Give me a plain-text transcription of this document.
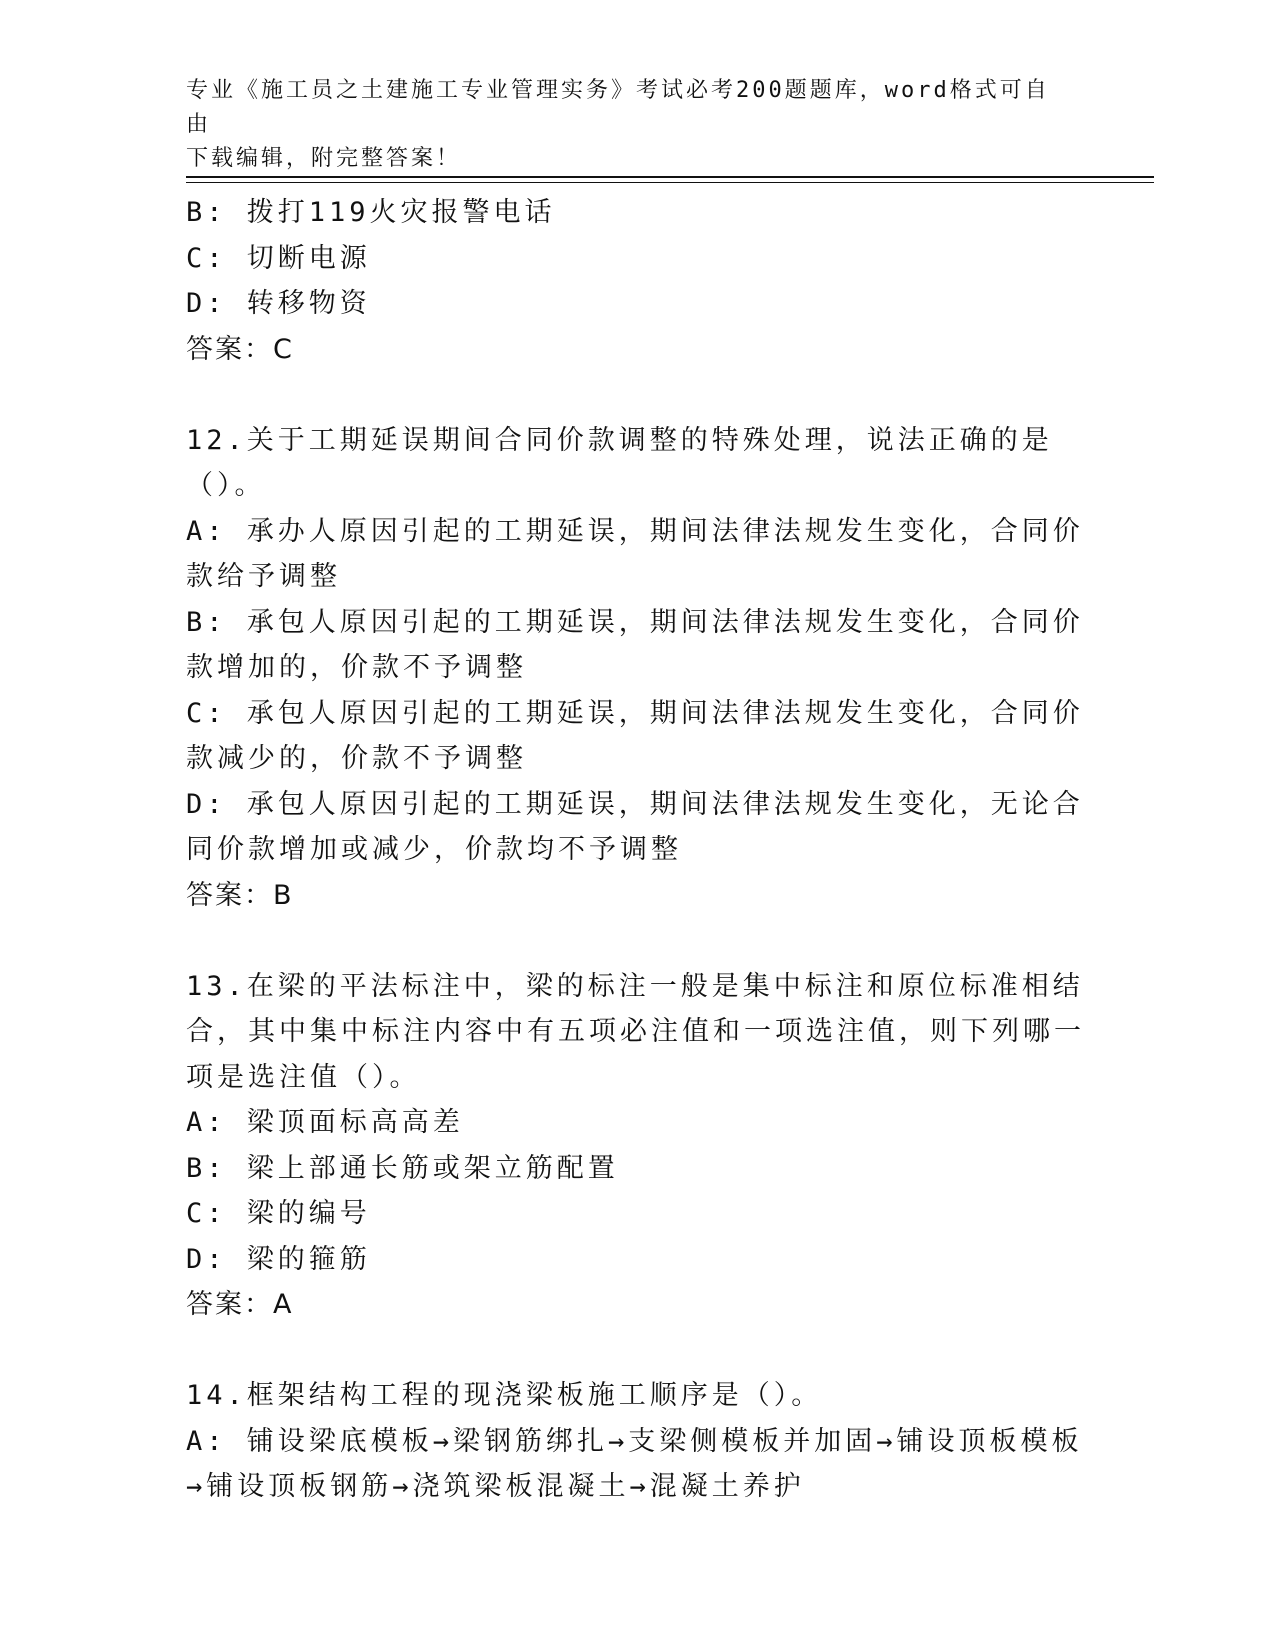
专业《施工员之土建施工专业管理实务》考试必考200题题库，word格式可自由
下载编辑，附完整答案！

B: 拨打119火灾报警电话

C: 切断电源

D: 转移物资

答案：C

12.关于工期延误期间合同价款调整的特殊处理，说法正确的是（）。

A: 承办人原因引起的工期延误，期间法律法规发生变化，合同价款给予调整

B: 承包人原因引起的工期延误，期间法律法规发生变化，合同价款增加的，价款不予调整

C: 承包人原因引起的工期延误，期间法律法规发生变化，合同价款减少的，价款不予调整

D: 承包人原因引起的工期延误，期间法律法规发生变化，无论合同价款增加或减少，价款均不予调整

答案：B

13.在梁的平法标注中，梁的标注一般是集中标注和原位标准相结合，其中集中标注内容中有五项必注值和一项选注值，则下列哪一项是选注值（）。

A: 梁顶面标高高差

B: 梁上部通长筋或架立筋配置

C: 梁的编号

D: 梁的箍筋

答案：A

14.框架结构工程的现浇梁板施工顺序是（）。

A: 铺设梁底模板→梁钢筋绑扎→支梁侧模板并加固→铺设顶板模板→铺设顶板钢筋→浇筑梁板混凝土→混凝土养护
